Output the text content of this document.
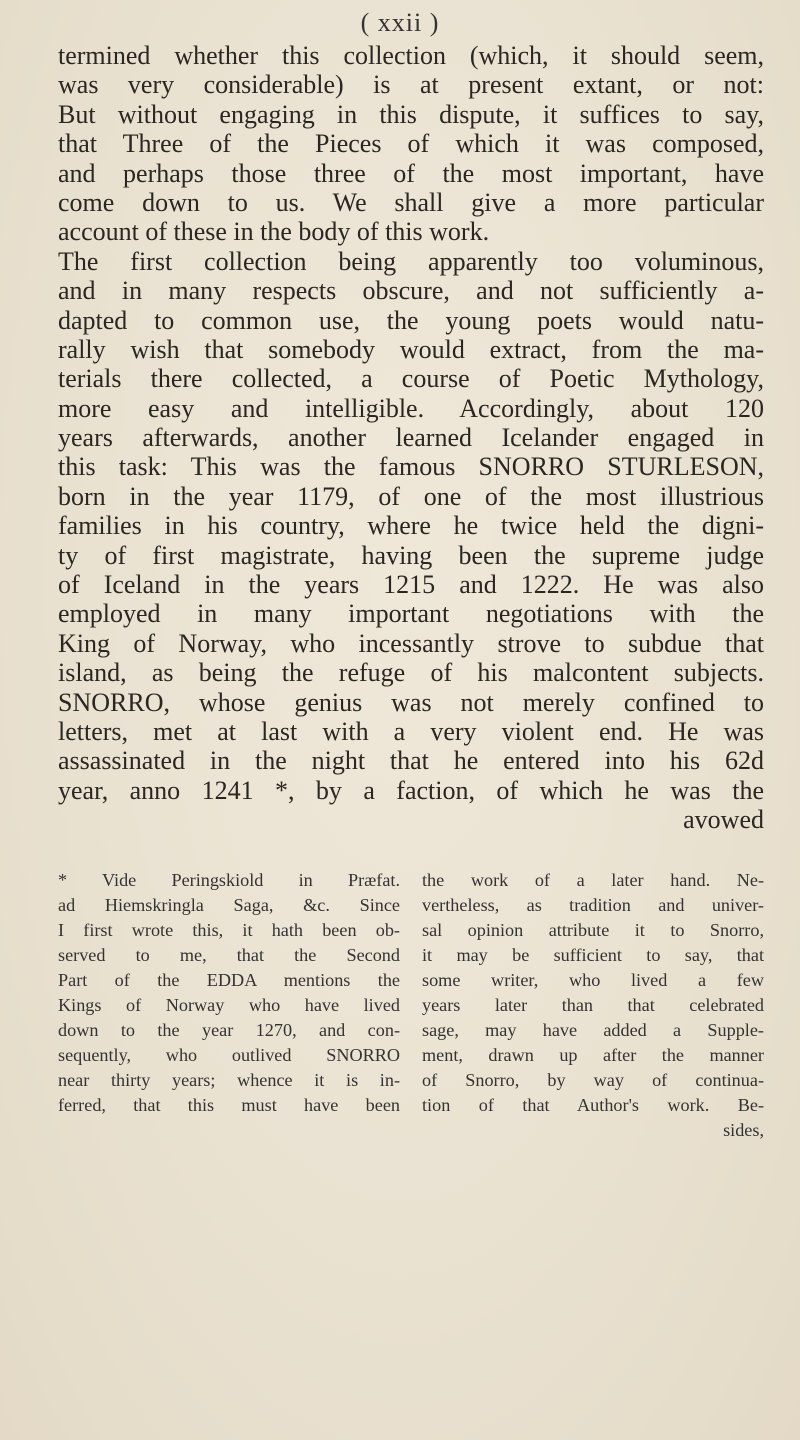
( xxii )
termined whether this collection (which, it should seem,
was very considerable) is at present extant, or not:
But without engaging in this dispute, it suffices to say,
that Three of the Pieces of which it was composed,
and perhaps those three of the most important, have
come down to us. We shall give a more particular
account of these in the body of this work.
The first collection being apparently too voluminous,
and in many respects obscure, and not sufficiently a-
dapted to common use, the young poets would natu-
rally wish that somebody would extract, from the ma-
terials there collected, a course of Poetic Mythology,
more easy and intelligible. Accordingly, about 120
years afterwards, another learned Icelander engaged in
this task: This was the famous SNORRO STURLESON,
born in the year 1179, of one of the most illustrious
families in his country, where he twice held the digni-
ty of first magistrate, having been the supreme judge
of Iceland in the years 1215 and 1222. He was also
employed in many important negotiations with the
King of Norway, who incessantly strove to subdue that
island, as being the refuge of his malcontent subjects.
SNORRO, whose genius was not merely confined to
letters, met at last with a very violent end. He was
assassinated in the night that he entered into his 62d
year, anno 1241 *, by a faction, of which he was the
avowed
* Vide Peringskiold in Præfat.
ad Hiemskringla Saga, &c. Since
I first wrote this, it hath been ob-
served to me, that the Second
Part of the EDDA mentions the
Kings of Norway who have lived
down to the year 1270, and con-
sequently, who outlived SNORRO
near thirty years; whence it is in-
ferred, that this must have been
the work of a later hand. Ne-
vertheless, as tradition and univer-
sal opinion attribute it to Snorro,
it may be sufficient to say, that
some writer, who lived a few
years later than that celebrated
sage, may have added a Supple-
ment, drawn up after the manner
of Snorro, by way of continua-
tion of that Author's work. Be-
sides,
